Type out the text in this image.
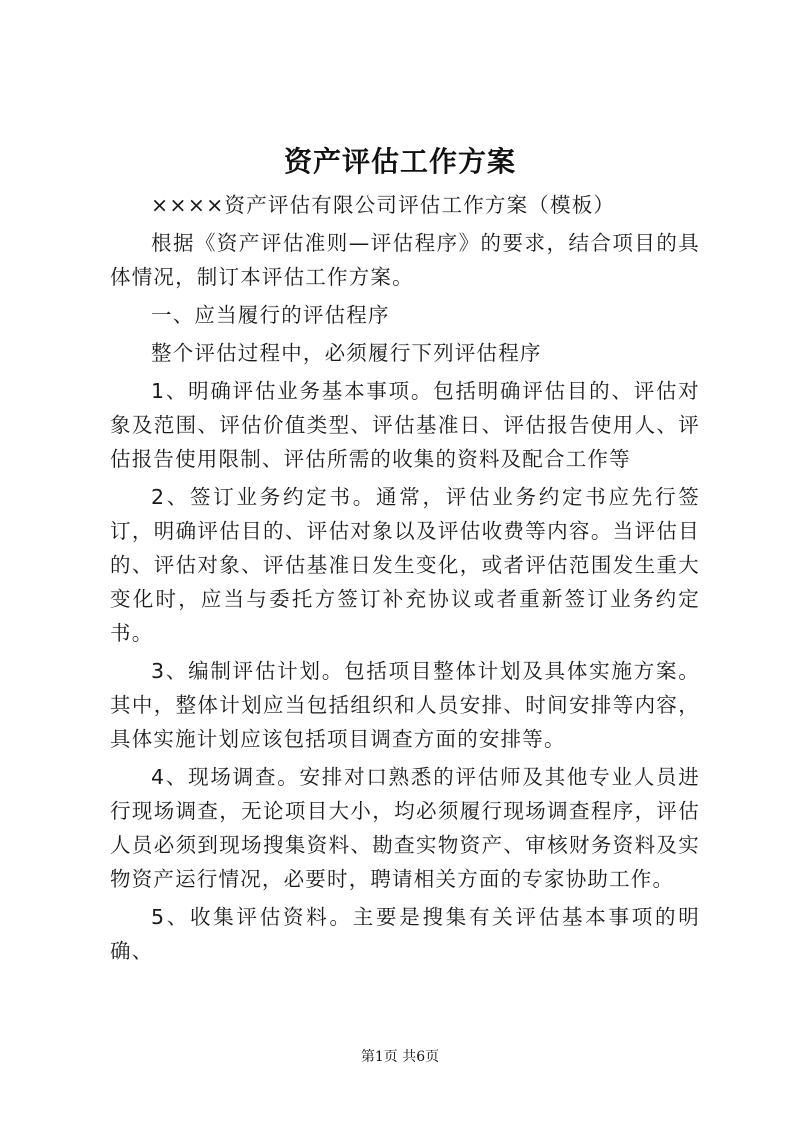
资产评估工作方案

××××资产评估有限公司评估工作方案（模板）

根据《资产评估准则—评估程序》的要求，结合项目的具体情况，制订本评估工作方案。

一、应当履行的评估程序

整个评估过程中，必须履行下列评估程序

1、明确评估业务基本事项。包括明确评估目的、评估对象及范围、评估价值类型、评估基准日、评估报告使用人、评估报告使用限制、评估所需的收集的资料及配合工作等

2、签订业务约定书。通常，评估业务约定书应先行签订，明确评估目的、评估对象以及评估收费等内容。当评估目的、评估对象、评估基准日发生变化，或者评估范围发生重大变化时，应当与委托方签订补充协议或者重新签订业务约定书。

3、编制评估计划。包括项目整体计划及具体实施方案。其中，整体计划应当包括组织和人员安排、时间安排等内容，具体实施计划应该包括项目调查方面的安排等。

4、现场调查。安排对口熟悉的评估师及其他专业人员进行现场调查，无论项目大小，均必须履行现场调查程序，评估人员必须到现场搜集资料、勘查实物资产、审核财务资料及实物资产运行情况，必要时，聘请相关方面的专家协助工作。

5、收集评估资料。主要是搜集有关评估基本事项的明确、

第1页 共6页
